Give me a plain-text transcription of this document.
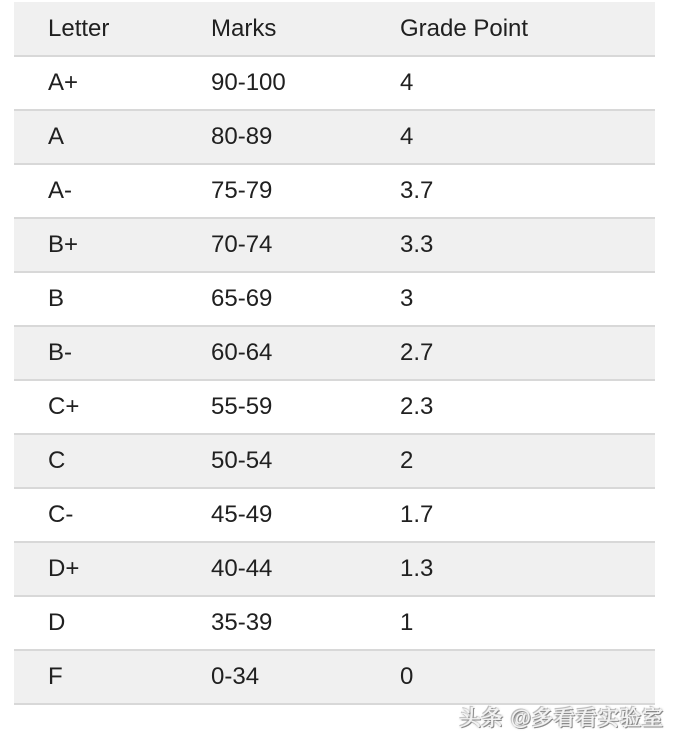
Letter	Marks	Grade Point
A+	90-100	4
A	80-89	4
A-	75-79	3.7
B+	70-74	3.3
B	65-69	3
B-	60-64	2.7
C+	55-59	2.3
C	50-54	2
C-	45-49	1.7
D+	40-44	1.3
D	35-39	1
F	0-34	0
头条 @多看看实验室
